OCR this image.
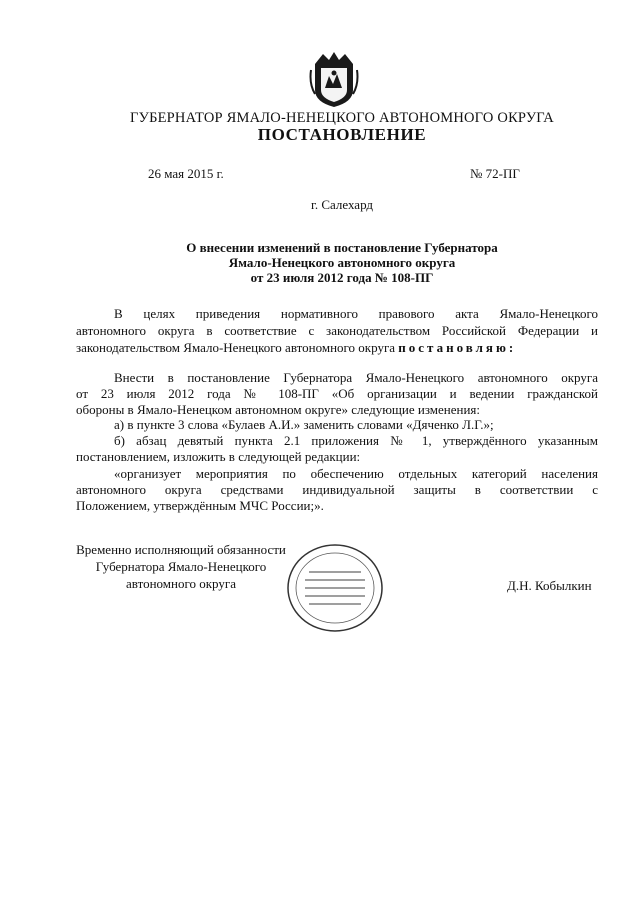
ГУБЕРНАТОР ЯМАЛО-НЕНЕЦКОГО АВТОНОМНОГО ОКРУГА
ПОСТАНОВЛЕНИЕ
26 мая 2015 г.	№ 72-ПГ
г. Салехард
О внесении изменений в постановление Губернатора
Ямало-Ненецкого автономного округа
от 23 июля 2012 года № 108-ПГ
В целях приведения нормативного правового акта Ямало-Ненецкого
автономного округа в соответствие с законодательством Российской Федерации и
законодательством Ямало-Ненецкого автономного округа постановляю:
Внести в постановление Губернатора Ямало-Ненецкого автономного округа
от 23 июля 2012 года № 108-ПГ «Об организации и ведении гражданской
обороны в Ямало-Ненецком автономном округе» следующие изменения:
а) в пункте 3 слова «Булаев А.И.» заменить словами «Дяченко Л.Г.»;
б) абзац девятый пункта 2.1 приложения № 1, утверждённого указанным
постановлением, изложить в следующей редакции:
«организует мероприятия по обеспечению отдельных категорий населения
автономного округа средствами индивидуальной защиты в соответствии с
Положением, утверждённым МЧС России;».
Временно исполняющий обязанности
Губернатора Ямало-Ненецкого
автономного округа	Д.Н. Кобылкин
